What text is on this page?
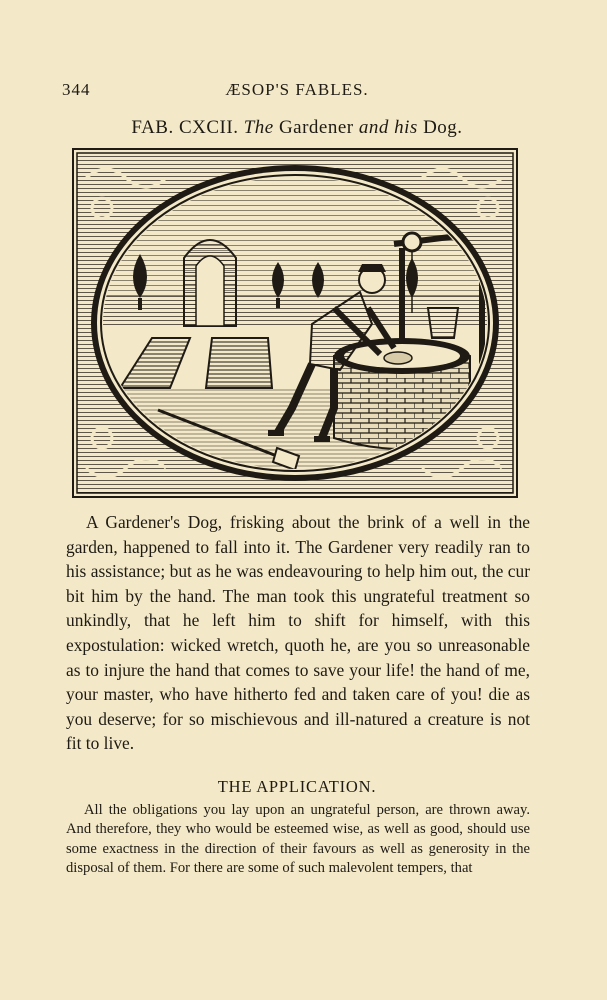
344	ÆSOP'S FABLES.
FAB. CXCII. The Gardener and his Dog.

A Gardener's Dog, frisking about the brink of a well in the garden, happened to fall into it. The Gardener very readily ran to his assistance; but as he was endeavouring to help him out, the cur bit him by the hand. The man took this ungrateful treatment so unkindly, that he left him to shift for himself, with this expostulation: wicked wretch, quoth he, are you so unreasonable as to injure the hand that comes to save your life! the hand of me, your master, who have hitherto fed and taken care of you! die as you deserve; for so mischievous and ill-natured a creature is not fit to live.

THE APPLICATION.

All the obligations you lay upon an ungrateful person, are thrown away. And therefore, they who would be esteemed wise, as well as good, should use some exactness in the direction of their favours as well as generosity in the disposal of them. For there are some of such malevolent tempers, that
